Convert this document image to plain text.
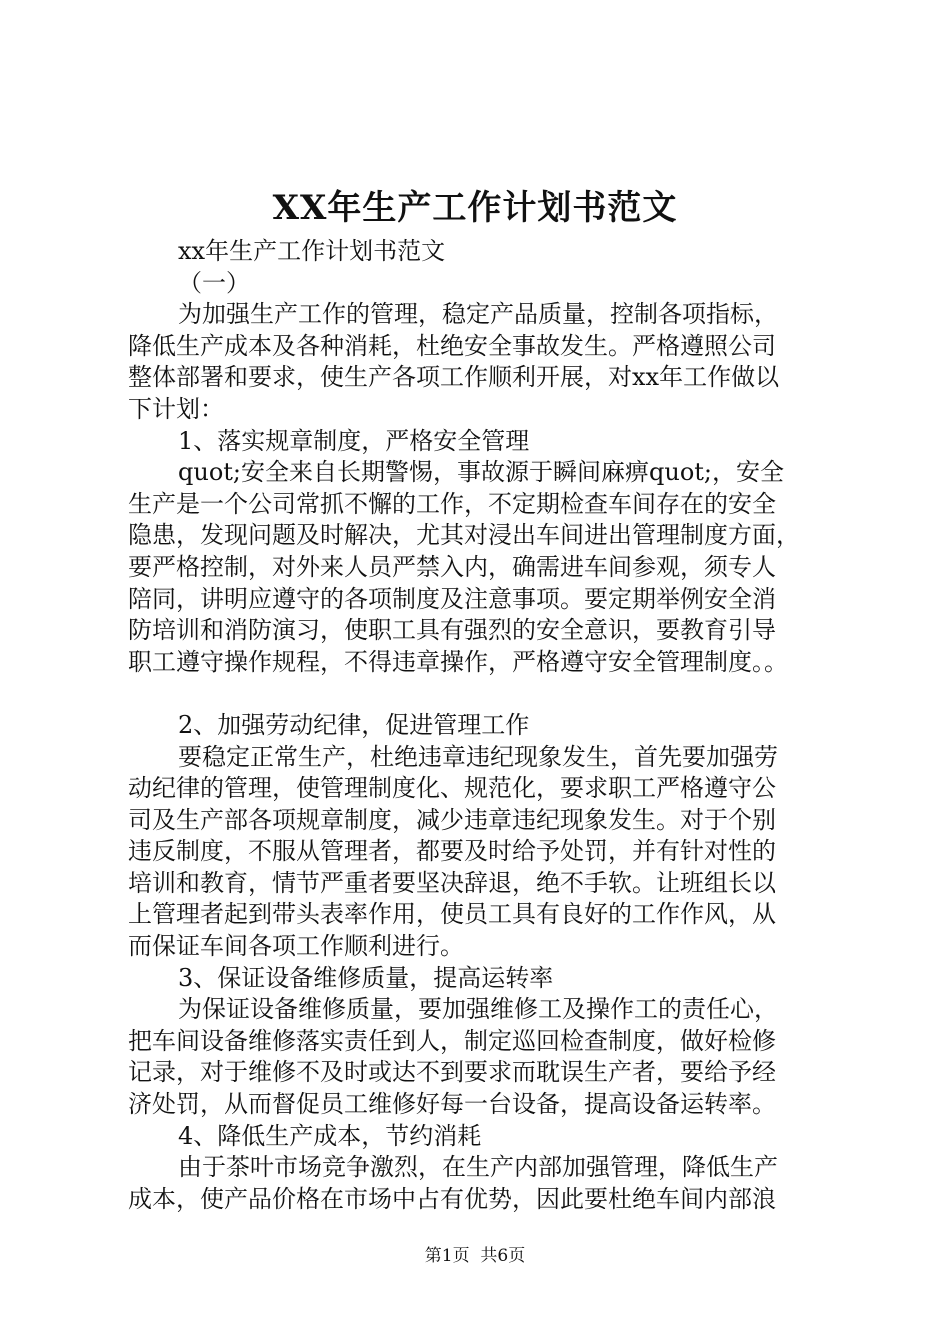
XX年生产工作计划书范文
xx年生产工作计划书范文
（一）
为加强生产工作的管理，稳定产品质量，控制各项指标，
降低生产成本及各种消耗，杜绝安全事故发生。严格遵照公司
整体部署和要求，使生产各项工作顺利开展，对xx年工作做以
下计划：
1、落实规章制度，严格安全管理
quot;安全来自长期警惕，事故源于瞬间麻痹quot;，安全
生产是一个公司常抓不懈的工作，不定期检查车间存在的安全
隐患，发现问题及时解决，尤其对浸出车间进出管理制度方面，
要严格控制，对外来人员严禁入内，确需进车间参观，须专人
陪同，讲明应遵守的各项制度及注意事项。要定期举例安全消
防培训和消防演习，使职工具有强烈的安全意识，要教育引导
职工遵守操作规程，不得违章操作，严格遵守安全管理制度。。
2、加强劳动纪律，促进管理工作
要稳定正常生产，杜绝违章违纪现象发生，首先要加强劳
动纪律的管理，使管理制度化、规范化，要求职工严格遵守公
司及生产部各项规章制度，减少违章违纪现象发生。对于个别
违反制度，不服从管理者，都要及时给予处罚，并有针对性的
培训和教育，情节严重者要坚决辞退，绝不手软。让班组长以
上管理者起到带头表率作用，使员工具有良好的工作作风，从
而保证车间各项工作顺利进行。
3、保证设备维修质量，提高运转率
为保证设备维修质量，要加强维修工及操作工的责任心，
把车间设备维修落实责任到人，制定巡回检查制度，做好检修
记录，对于维修不及时或达不到要求而耽误生产者，要给予经
济处罚，从而督促员工维修好每一台设备，提高设备运转率。
4、降低生产成本，节约消耗
由于茶叶市场竞争激烈，在生产内部加强管理，降低生产
成本，使产品价格在市场中占有优势，因此要杜绝车间内部浪
第1页  共6页
